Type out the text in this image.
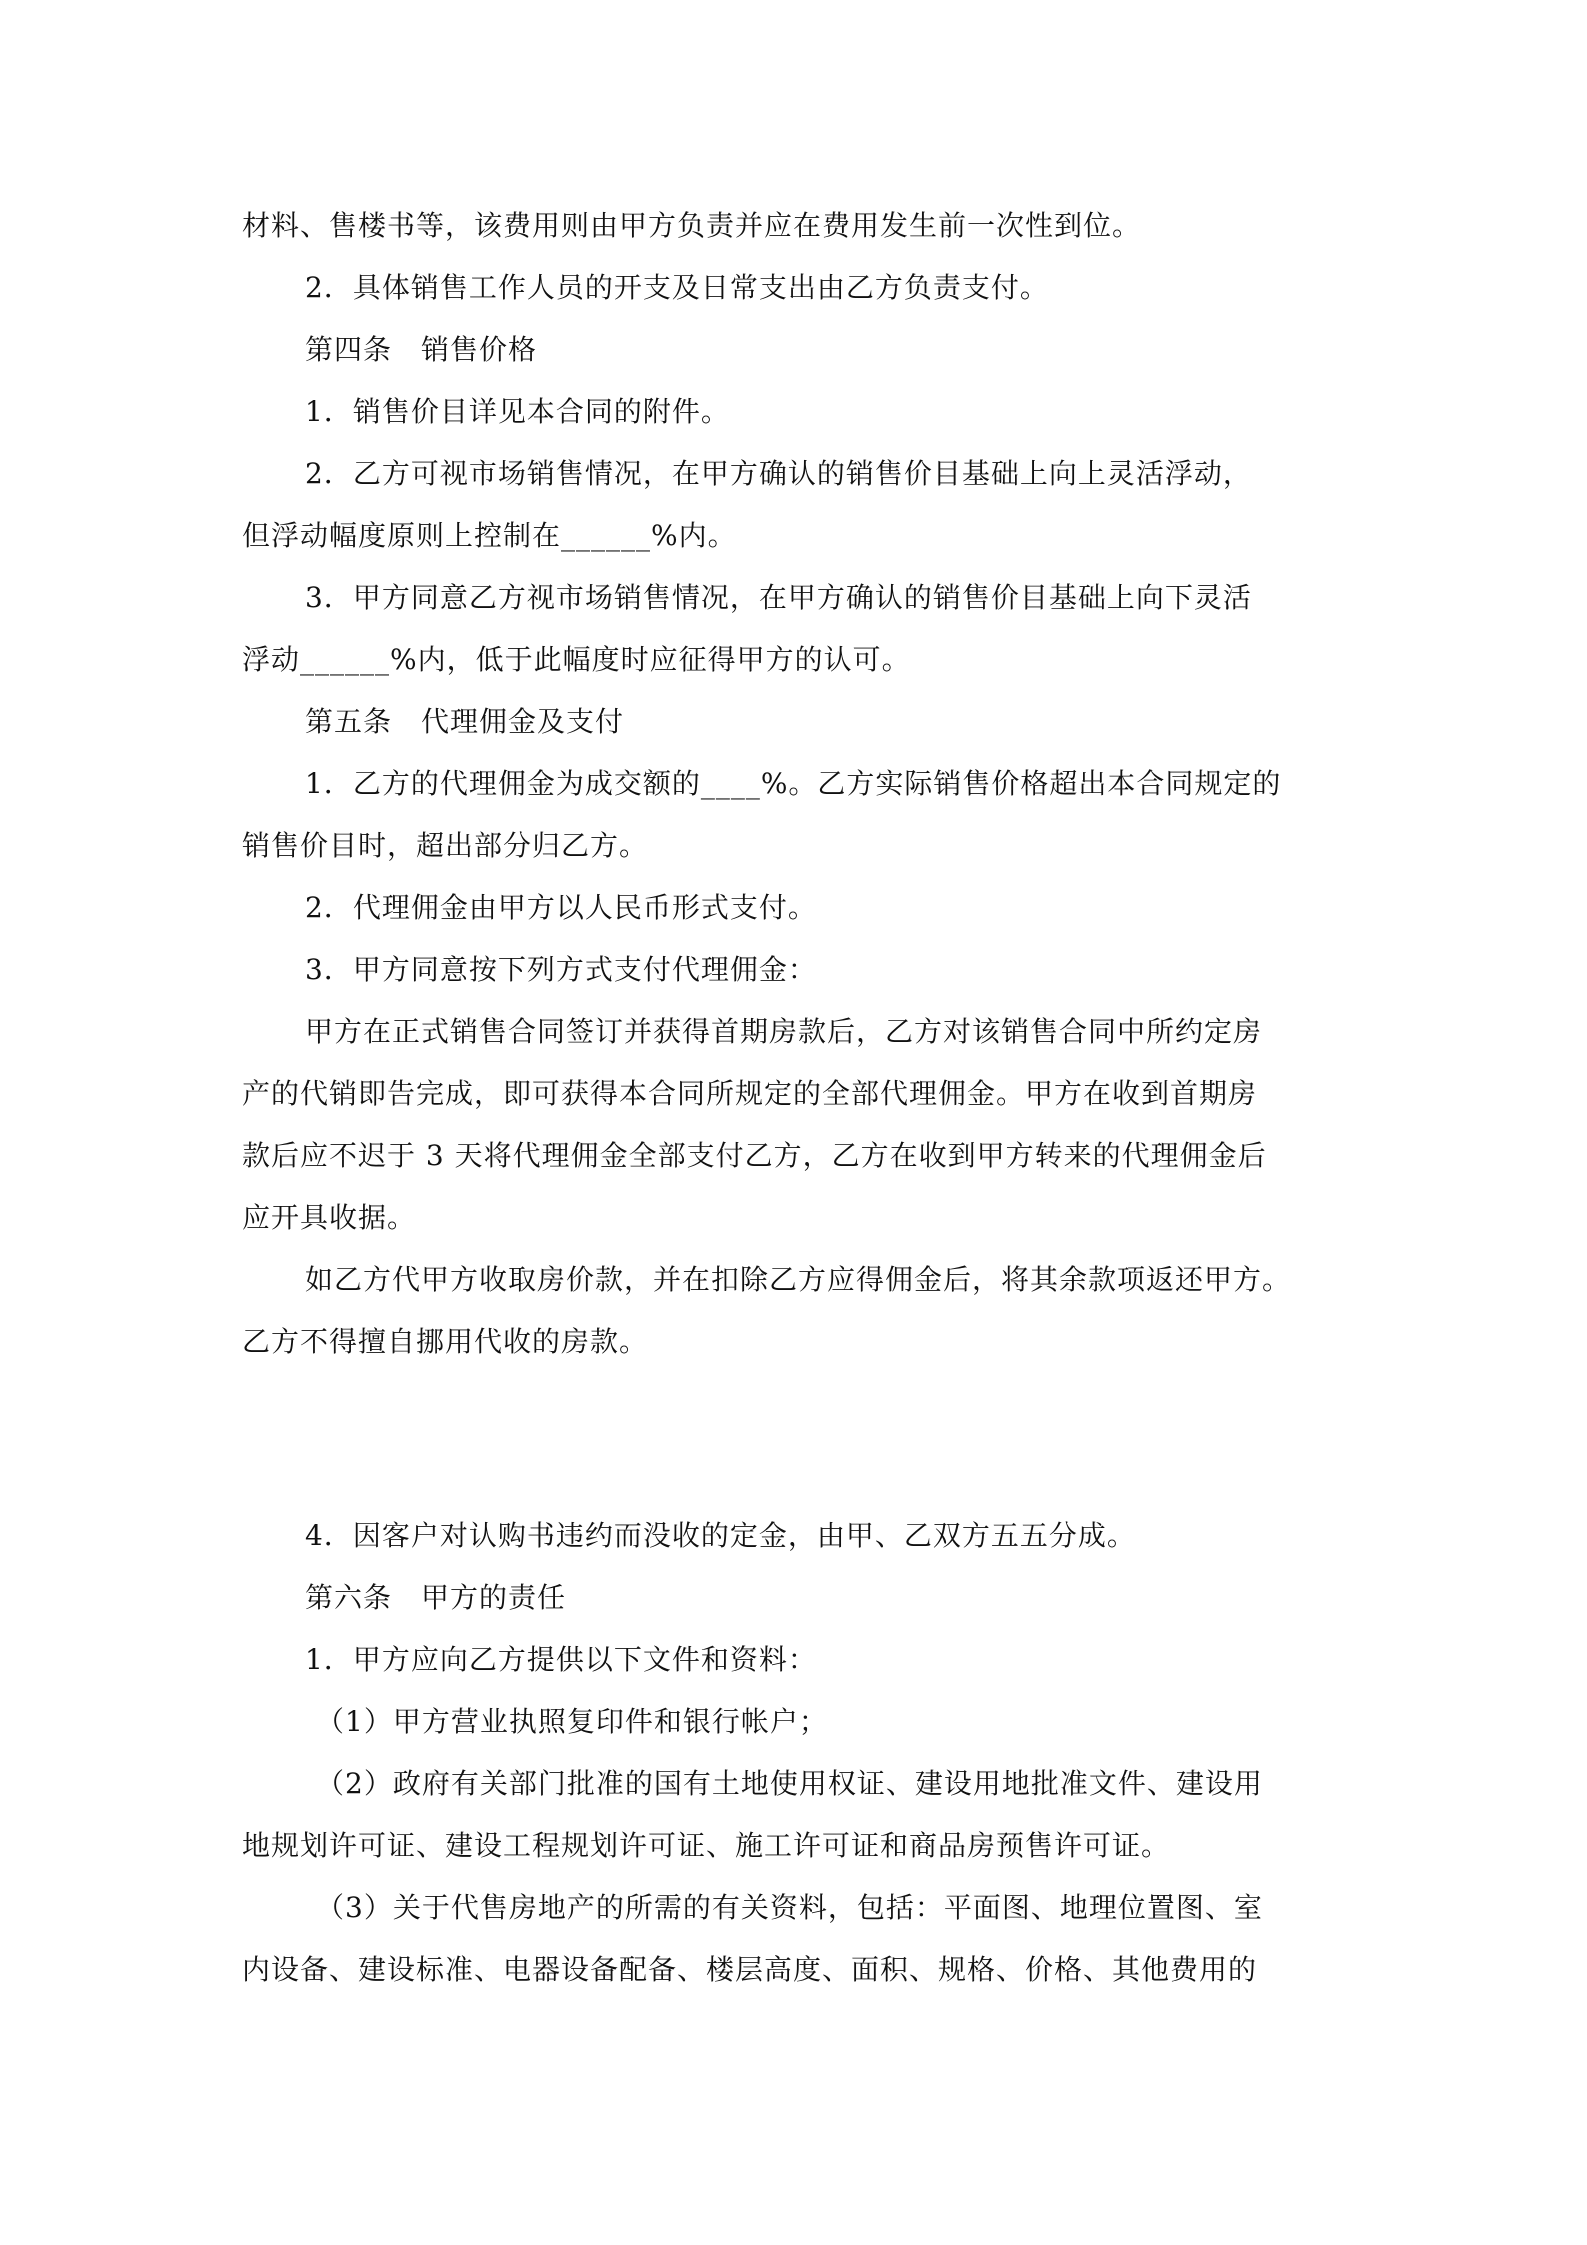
材料、售楼书等，该费用则由甲方负责并应在费用发生前一次性到位。
2．具体销售工作人员的开支及日常支出由乙方负责支付。
第四条　销售价格
1．销售价目详见本合同的附件。
2．乙方可视市场销售情况，在甲方确认的销售价目基础上向上灵活浮动，
但浮动幅度原则上控制在______%内。
3．甲方同意乙方视市场销售情况，在甲方确认的销售价目基础上向下灵活
浮动______%内，低于此幅度时应征得甲方的认可。
第五条　代理佣金及支付
1．乙方的代理佣金为成交额的____%。乙方实际销售价格超出本合同规定的
销售价目时，超出部分归乙方。
2．代理佣金由甲方以人民币形式支付。
3．甲方同意按下列方式支付代理佣金：
甲方在正式销售合同签订并获得首期房款后，乙方对该销售合同中所约定房
产的代销即告完成，即可获得本合同所规定的全部代理佣金。甲方在收到首期房
款后应不迟于 3 天将代理佣金全部支付乙方，乙方在收到甲方转来的代理佣金后
应开具收据。
如乙方代甲方收取房价款，并在扣除乙方应得佣金后，将其余款项返还甲方。
乙方不得擅自挪用代收的房款。
4．因客户对认购书违约而没收的定金，由甲、乙双方五五分成。
第六条　甲方的责任
1．甲方应向乙方提供以下文件和资料：
（1）甲方营业执照复印件和银行帐户；
（2）政府有关部门批准的国有土地使用权证、建设用地批准文件、建设用
地规划许可证、建设工程规划许可证、施工许可证和商品房预售许可证。
（3）关于代售房地产的所需的有关资料，包括：平面图、地理位置图、室
内设备、建设标准、电器设备配备、楼层高度、面积、规格、价格、其他费用的
